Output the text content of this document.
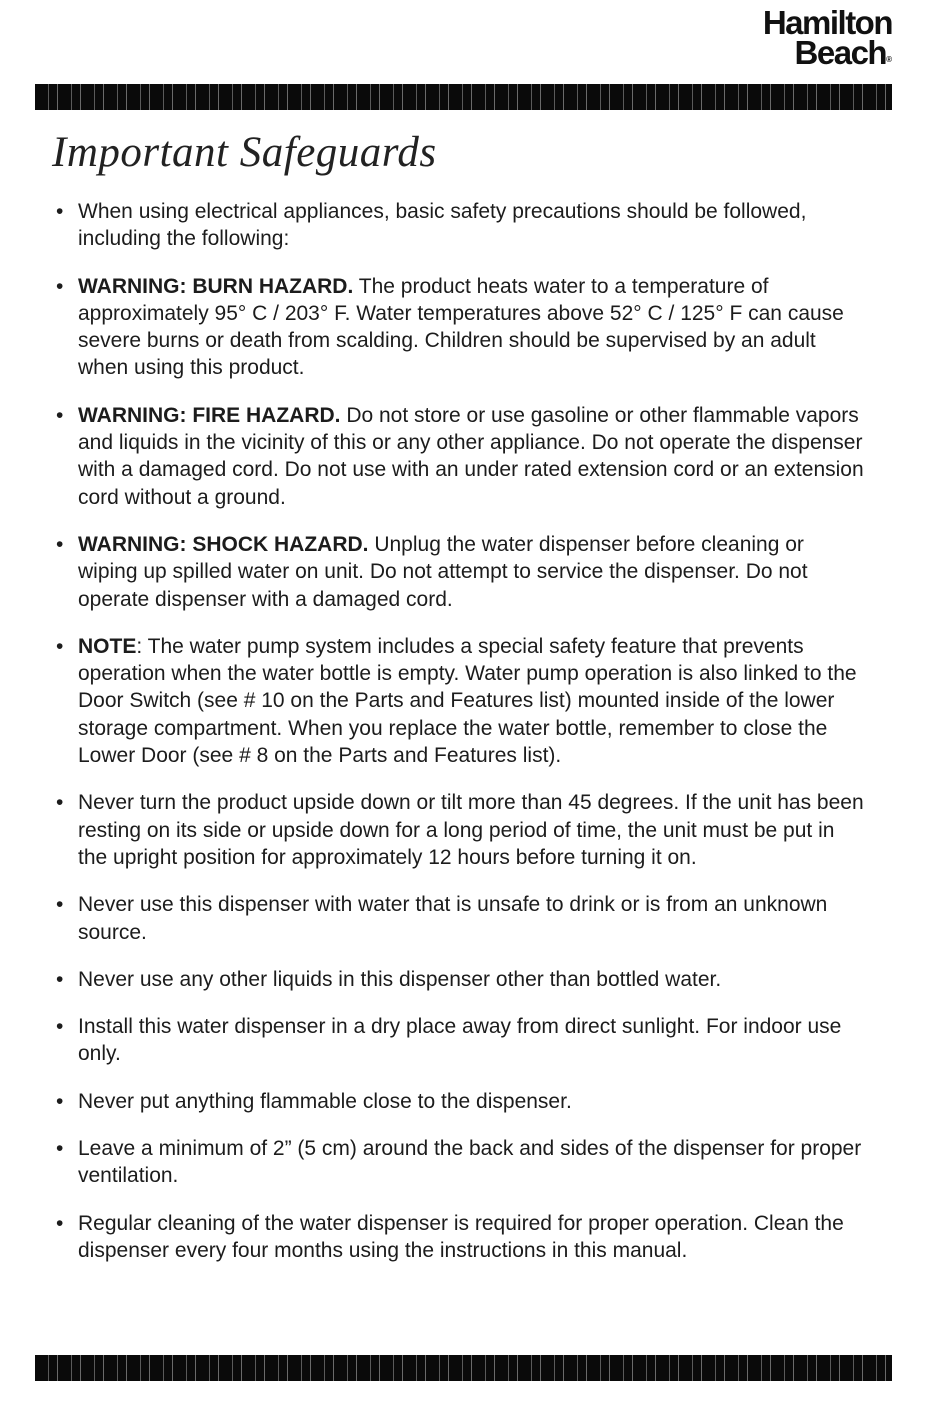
Hamilton
Beach®
Important Safeguards
• When using electrical appliances, basic safety precautions should be followed, including the following:
• WARNING: BURN HAZARD. The product heats water to a temperature of approximately 95° C / 203° F. Water temperatures above 52° C / 125° F can cause severe burns or death from scalding. Children should be supervised by an adult when using this product.
• WARNING: FIRE HAZARD. Do not store or use gasoline or other flammable vapors and liquids in the vicinity of this or any other appliance. Do not operate the dispenser with a damaged cord. Do not use with an under rated extension cord or an extension cord without a ground.
• WARNING: SHOCK HAZARD. Unplug the water dispenser before cleaning or wiping up spilled water on unit. Do not attempt to service the dispenser. Do not operate dispenser with a damaged cord.
• NOTE: The water pump system includes a special safety feature that prevents operation when the water bottle is empty. Water pump operation is also linked to the Door Switch (see # 10 on the Parts and Features list) mounted inside of the lower storage compartment. When you replace the water bottle, remember to close the Lower Door (see # 8 on the Parts and Features list).
• Never turn the product upside down or tilt more than 45 degrees. If the unit has been resting on its side or upside down for a long period of time, the unit must be put in the upright position for approximately 12 hours before turning it on.
• Never use this dispenser with water that is unsafe to drink or is from an unknown source.
• Never use any other liquids in this dispenser other than bottled water.
• Install this water dispenser in a dry place away from direct sunlight. For indoor use only.
• Never put anything flammable close to the dispenser.
• Leave a minimum of 2” (5 cm) around the back and sides of the dispenser for proper ventilation.
• Regular cleaning of the water dispenser is required for proper operation. Clean the dispenser every four months using the instructions in this manual.
